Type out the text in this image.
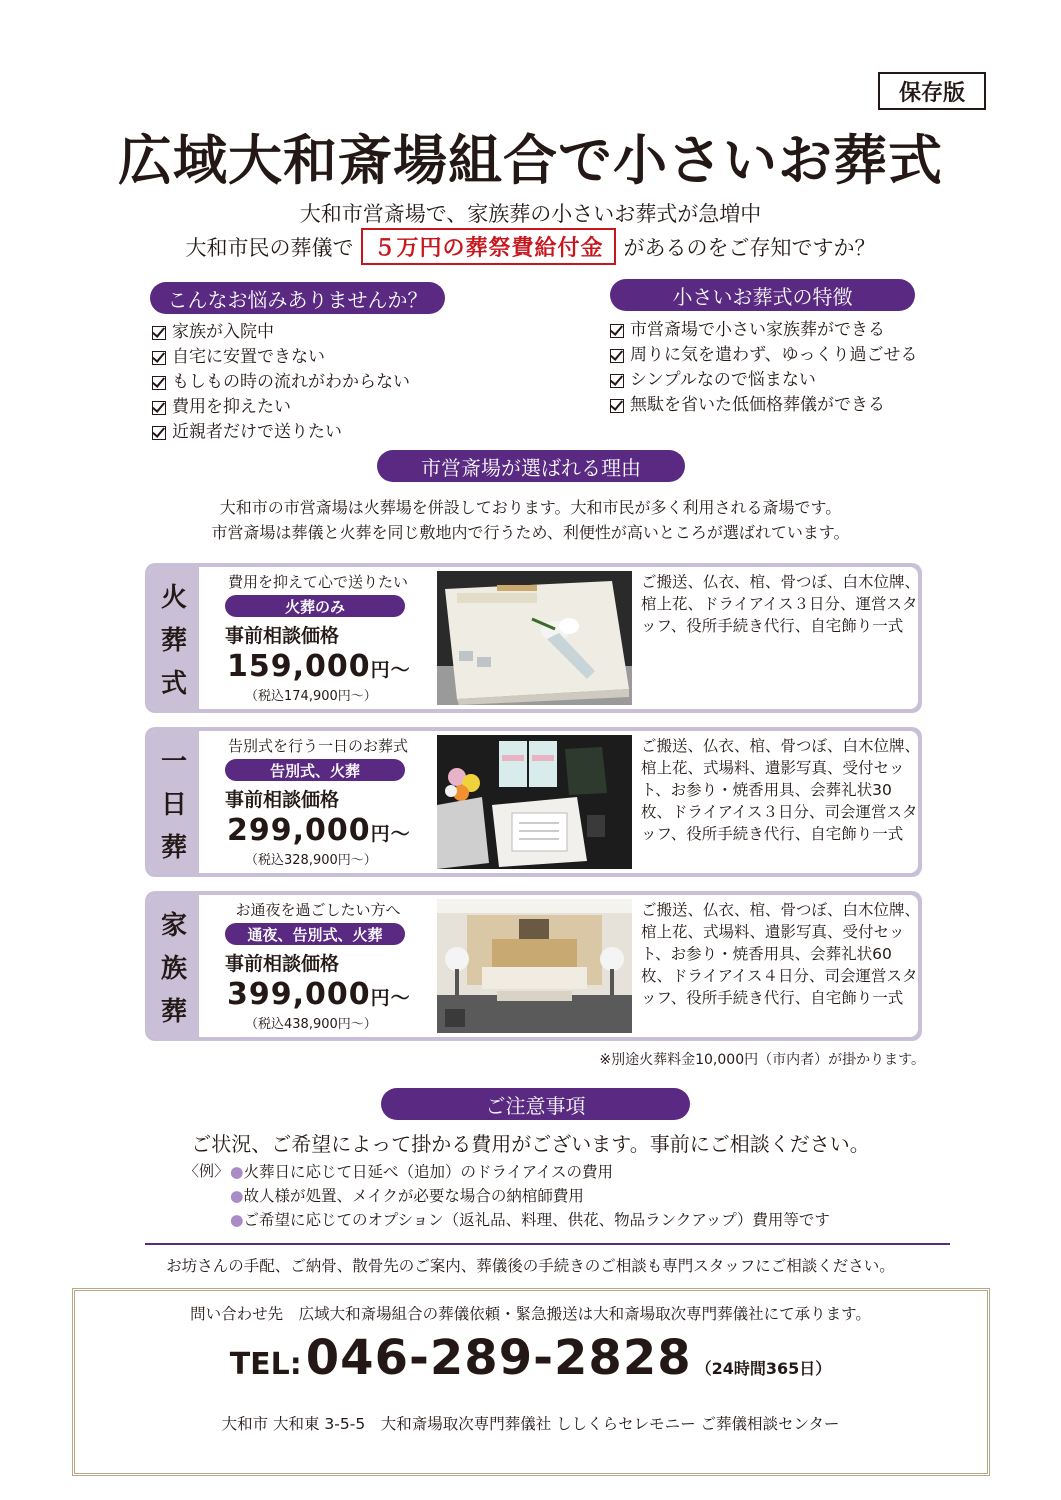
保存版
広域大和斎場組合で小さいお葬式
大和市営斎場で、家族葬の小さいお葬式が急増中
大和市民の葬儀で ５万円の葬祭費給付金 があるのをご存知ですか？
こんなお悩みありませんか？
家族が入院中
自宅に安置できない
もしもの時の流れがわからない
費用を抑えたい
近親者だけで送りたい
小さいお葬式の特徴
市営斎場で小さい家族葬ができる
周りに気を遣わず、ゆっくり過ごせる
シンプルなので悩まない
無駄を省いた低価格葬儀ができる
市営斎場が選ばれる理由
大和市の市営斎場は火葬場を併設しております。大和市民が多く利用される斎場です。
市営斎場は葬儀と火葬を同じ敷地内で行うため、利便性が高いところが選ばれています。
火
葬
式
費用を抑えて心で送りたい
火葬のみ
事前相談価格
159,000円～
（税込174,900円～）
ご搬送、仏衣、棺、骨つぼ、白木位牌、棺上花、ドライアイス３日分、運営スタッフ、役所手続き代行、自宅飾り一式
一
日
葬
告別式を行う一日のお葬式
告別式、火葬
事前相談価格
299,000円～
（税込328,900円～）
ご搬送、仏衣、棺、骨つぼ、白木位牌、棺上花、式場料、遺影写真、受付セット、お参り・焼香用具、会葬礼状30枚、ドライアイス３日分、司会運営スタッフ、役所手続き代行、自宅飾り一式
家
族
葬
お通夜を過ごしたい方へ
通夜、告別式、火葬
事前相談価格
399,000円～
（税込438,900円～）
ご搬送、仏衣、棺、骨つぼ、白木位牌、棺上花、式場料、遺影写真、受付セット、お参り・焼香用具、会葬礼状60枚、ドライアイス４日分、司会運営スタッフ、役所手続き代行、自宅飾り一式
※別途火葬料金10,000円（市内者）が掛かります。
ご注意事項
ご状況、ご希望によって掛かる費用がございます。事前にご相談ください。
〈例〉 ●火葬日に応じて日延べ（追加）のドライアイスの費用
●故人様が処置、メイクが必要な場合の納棺師費用
●ご希望に応じてのオプション（返礼品、料理、供花、物品ランクアップ）費用等です
お坊さんの手配、ご納骨、散骨先のご案内、葬儀後の手続きのご相談も専門スタッフにご相談ください。
問い合わせ先　広域大和斎場組合の葬儀依頼・緊急搬送は大和斎場取次専門葬儀社にて承ります。
TEL: 046-289-2828 （24時間365日）
大和市 大和東 3-5-5　大和斎場取次専門葬儀社 ししくらセレモニー ご葬儀相談センター
